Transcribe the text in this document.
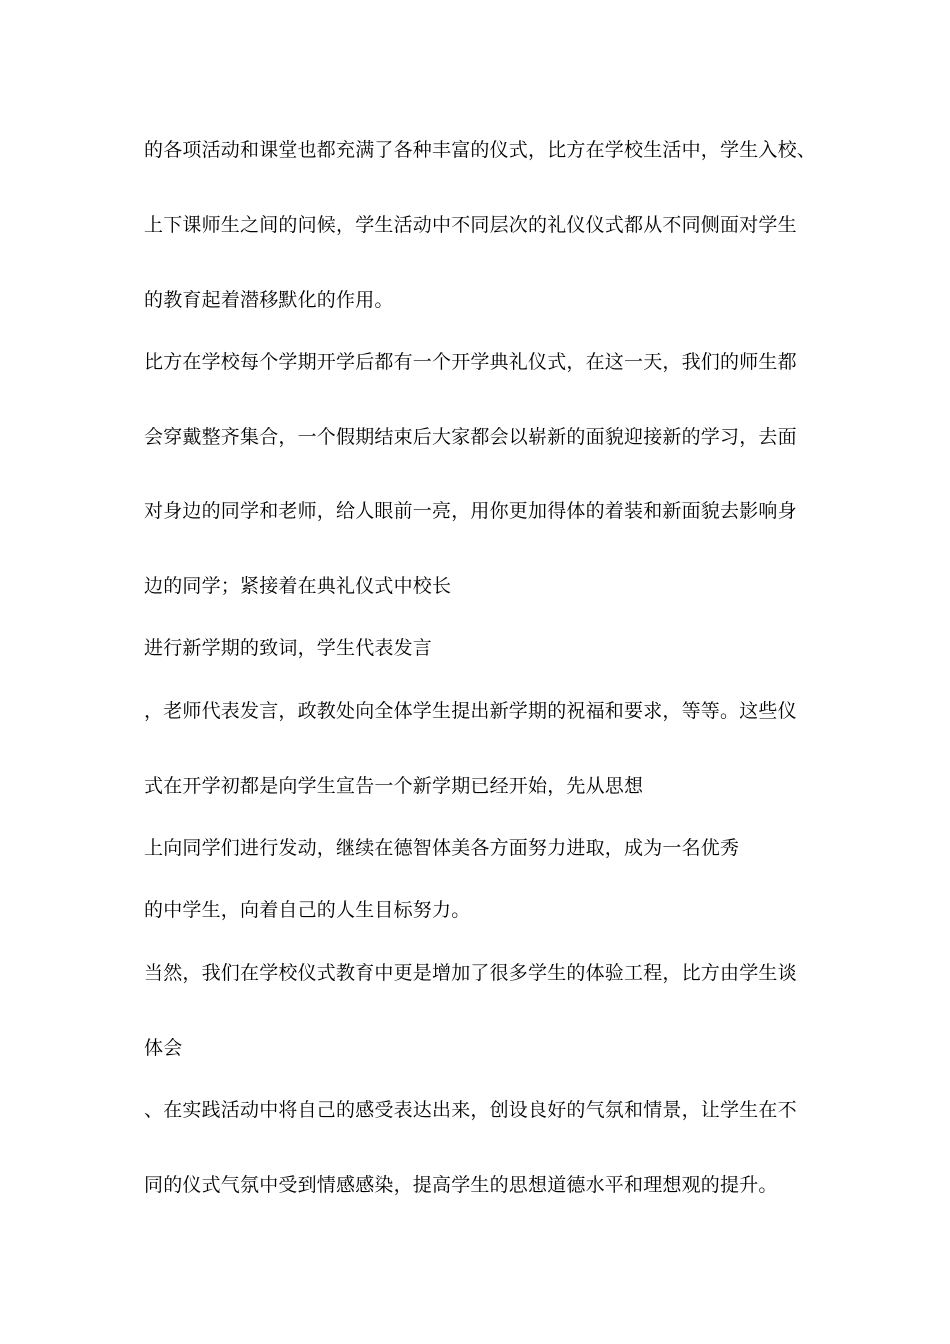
的各项活动和课堂也都充满了各种丰富的仪式，比方在学校生活中，学生入校、
上下课师生之间的问候，学生活动中不同层次的礼仪仪式都从不同侧面对学生
的教育起着潜移默化的作用。
比方在学校每个学期开学后都有一个开学典礼仪式，在这一天，我们的师生都
会穿戴整齐集合，一个假期结束后大家都会以崭新的面貌迎接新的学习，去面
对身边的同学和老师，给人眼前一亮，用你更加得体的着装和新面貌去影响身
边的同学；紧接着在典礼仪式中校长
进行新学期的致词，学生代表发言
，老师代表发言，政教处向全体学生提出新学期的祝福和要求，等等。这些仪
式在开学初都是向学生宣告一个新学期已经开始，先从思想
上向同学们进行发动，继续在德智体美各方面努力进取，成为一名优秀
的中学生，向着自己的人生目标努力。
当然，我们在学校仪式教育中更是增加了很多学生的体验工程，比方由学生谈
体会
、在实践活动中将自己的感受表达出来，创设良好的气氛和情景，让学生在不
同的仪式气氛中受到情感感染，提高学生的思想道德水平和理想观的提升。
